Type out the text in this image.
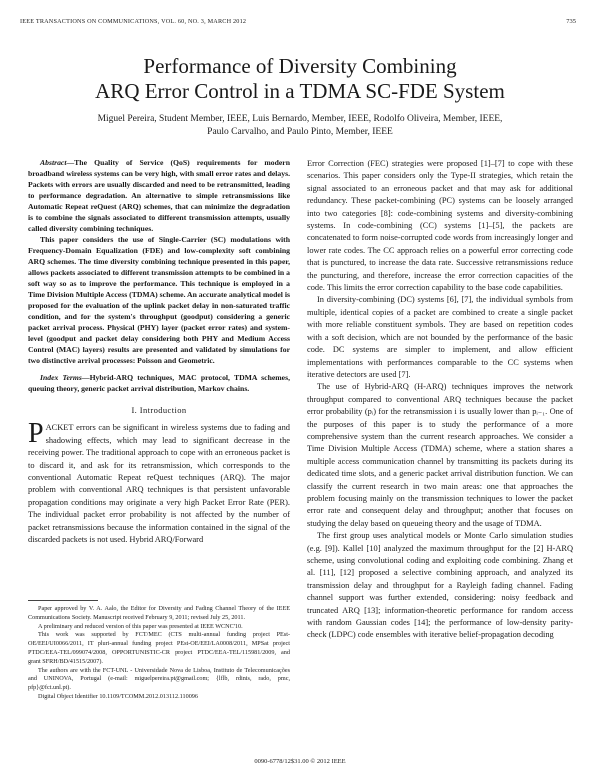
IEEE TRANSACTIONS ON COMMUNICATIONS, VOL. 60, NO. 3, MARCH 2012	735
Performance of Diversity Combining
ARQ Error Control in a TDMA SC-FDE System
Miguel Pereira, Student Member, IEEE, Luis Bernardo, Member, IEEE, Rodolfo Oliveira, Member, IEEE,
Paulo Carvalho, and Paulo Pinto, Member, IEEE

Abstract—The Quality of Service (QoS) requirements for modern broadband wireless systems can be very high, with small error rates and delays. Packets with errors are usually discarded and need to be retransmitted, leading to performance degradation. An alternative to simple retransmissions like Automatic Repeat reQuest (ARQ) schemes, that can minimize the degradation is to combine the signals associated to different transmission attempts, usually called diversity combining techniques.

This paper considers the use of Single-Carrier (SC) modulations with Frequency-Domain Equalization (FDE) and low-complexity soft combining ARQ schemes. The time diversity combining technique presented in this paper, allows packets associated to different transmission attempts to be combined in a soft way so as to improve the performance. This technique is employed in a Time Division Multiple Access (TDMA) scheme. An accurate analytical model is proposed for the evaluation of the uplink packet delay in non-saturated traffic condition, and for the system's throughput (goodput) considering a generic packet arrival process. Physical (PHY) layer (packet error rates) and system-level (goodput and packet delay considering both PHY and Medium Access Control (MAC) layers) results are presented and validated by simulations for two distinctive arrival processes: Poisson and Geometric.

Index Terms—Hybrid-ARQ techniques, MAC protocol, TDMA schemes, queuing theory, generic packet arrival distribution, Markov chains.

I. Introduction

PACKET errors can be significant in wireless systems due to fading and shadowing effects, which may lead to significant decrease in the receiving power. The traditional approach to cope with an erroneous packet is to discard it, and ask for its retransmission, which corresponds to the conventional Automatic Repeat reQuest techniques (ARQ). The major problem with conventional ARQ techniques is that persistent unfavorable propagation conditions may originate a very high Packet Error Rate (PER). The individual packet error probability is not affected by the number of packet retransmissions because the information contained in the signal of the discarded packets is not used. Hybrid ARQ/Forward

Paper approved by V. A. Aalo, the Editor for Diversity and Fading Channel Theory of the IEEE Communications Society. Manuscript received February 9, 2011; revised July 25, 2011.

A preliminary and reduced version of this paper was presented at IEEE WCNC'10.

This work was supported by FCT/MEC (CTS multi-annual funding project PEst-OE/EEI/UI0066/2011, IT pluri-annual funding project PEst-OE/EEI/LA0008/2011, MPSat project PTDC/EEA-TEL/099074/2008, OPPORTUNISTIC-CR project PTDC/EEA-TEL/115981/2009, and grant SFRH/BD/41515/2007).

The authors are with the FCT-UNL - Universidade Nova de Lisboa, Instituto de Telecomunicações and UNINOVA, Portugal (e-mail: miguelpereira.pt@gmail.com; {lflb, rdinis, rado, pmc, pfp}@fct.unl.pt).

Digital Object Identifier 10.1109/TCOMM.2012.013112.110096

Error Correction (FEC) strategies were proposed [1]–[7] to cope with these scenarios. This paper considers only the Type-II strategies, which retain the signal associated to an erroneous packet and that may ask for additional redundancy. These packet-combining (PC) systems can be loosely arranged into two categories [8]: code-combining systems and diversity-combining systems. In code-combining (CC) systems [1]–[5], the packets are concatenated to form noise-corrupted code words from increasingly longer and lower rate codes. The CC approach relies on a powerful error correcting code that is punctured, to increase the data rate. Successive retransmissions reduce the puncturing, and therefore, increase the error correction capacities of the code. This limits the error correction capability to the base code capabilities.

In diversity-combining (DC) systems [6], [7], the individual symbols from multiple, identical copies of a packet are combined to create a single packet with more reliable constituent symbols. They are based on repetition codes with a soft decision, which are not bounded by the performance of the basic code. DC systems are simpler to implement, and allow efficient implementations with performances comparable to the CC systems when iterative detectors are used [7].

The use of Hybrid-ARQ (H-ARQ) techniques improves the network throughput compared to conventional ARQ techniques because the packet error probability (pᵢ) for the retransmission i is usually lower than pᵢ₋₁. One of the purposes of this paper is to study the performance of a more comprehensive system than the current research approaches. We consider a Time Division Multiple Access (TDMA) scheme, where a station shares a multiple access communication channel by transmitting its packets during its dedicated time slots, and a generic packet arrival distribution function. We can classify the current research in two main areas: one that approaches the problem focusing mainly on the transmission techniques to lower the packet error rate and consequent delay and throughput; another that focuses on studying the delay based on queueing theory and the usage of TDMA.

The first group uses analytical models or Monte Carlo simulation studies (e.g. [9]). Kallel [10] analyzed the maximum throughput for the [2] H-ARQ scheme, using convolutional coding and exploiting code combining. Zhang et al. [11], [12] proposed a selective combining approach, and analyzed its transmission delay and throughput for a Rayleigh fading channel. Fading channel support was further extended, considering: noisy feedback and truncated ARQ [13]; information-theoretic performance for random access with random Gaussian codes [14]; the performance of low-density parity-check (LDPC) code ensembles with iterative belief-propagation decoding

0090-6778/12$31.00 © 2012 IEEE
